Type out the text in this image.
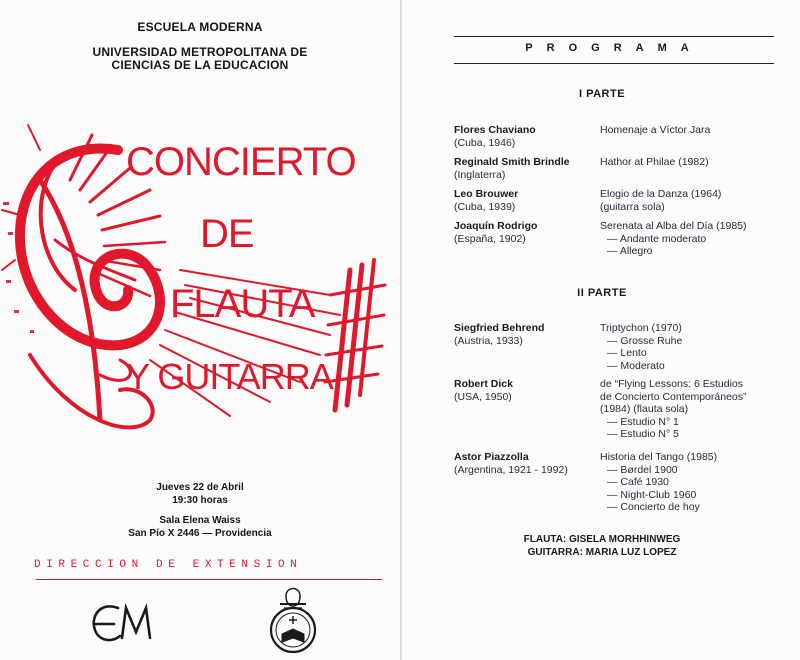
ESCUELA MODERNA
UNIVERSIDAD METROPOLITANA DE
CIENCIAS DE LA EDUCACION
CONCIERTO
DE
FLAUTA
Y GUITARRA
Jueves 22 de Abril
19:30 horas
Sala Elena Waiss
San Pío X 2446 — Providencia
DIRECCION DE EXTENSION
EM
PROGRAMA
I PARTE
Flores Chaviano
(Cuba, 1946)
Homenaje a Víctor Jara
Reginald Smith Brindle
(Inglaterra)
Hathor at Philae (1982)
Leo Brouwer
(Cuba, 1939)
Elogio de la Danza (1964)
(guitarra sola)
Joaquín Rodrigo
(España, 1902)
Serenata al Alba del Día (1985)
— Andante moderato
— Allegro
II PARTE
Siegfried Behrend
(Austria, 1933)
Triptychon (1970)
— Grosse Ruhe
— Lento
— Moderato
Robert Dick
(USA, 1950)
de “Flying Lessons: 6 Estudios
de Concierto Contemporáneos”
(1984) (flauta sola)
— Estudio N° 1
— Estudio N° 5
Astor Piazzolla
(Argentina, 1921 - 1992)
Historia del Tango (1985)
— Børdel 1900
— Café 1930
— Night-Club 1960
— Concierto de hoy
FLAUTA: GISELA MORHHINWEG
GUITARRA: MARIA LUZ LOPEZ
